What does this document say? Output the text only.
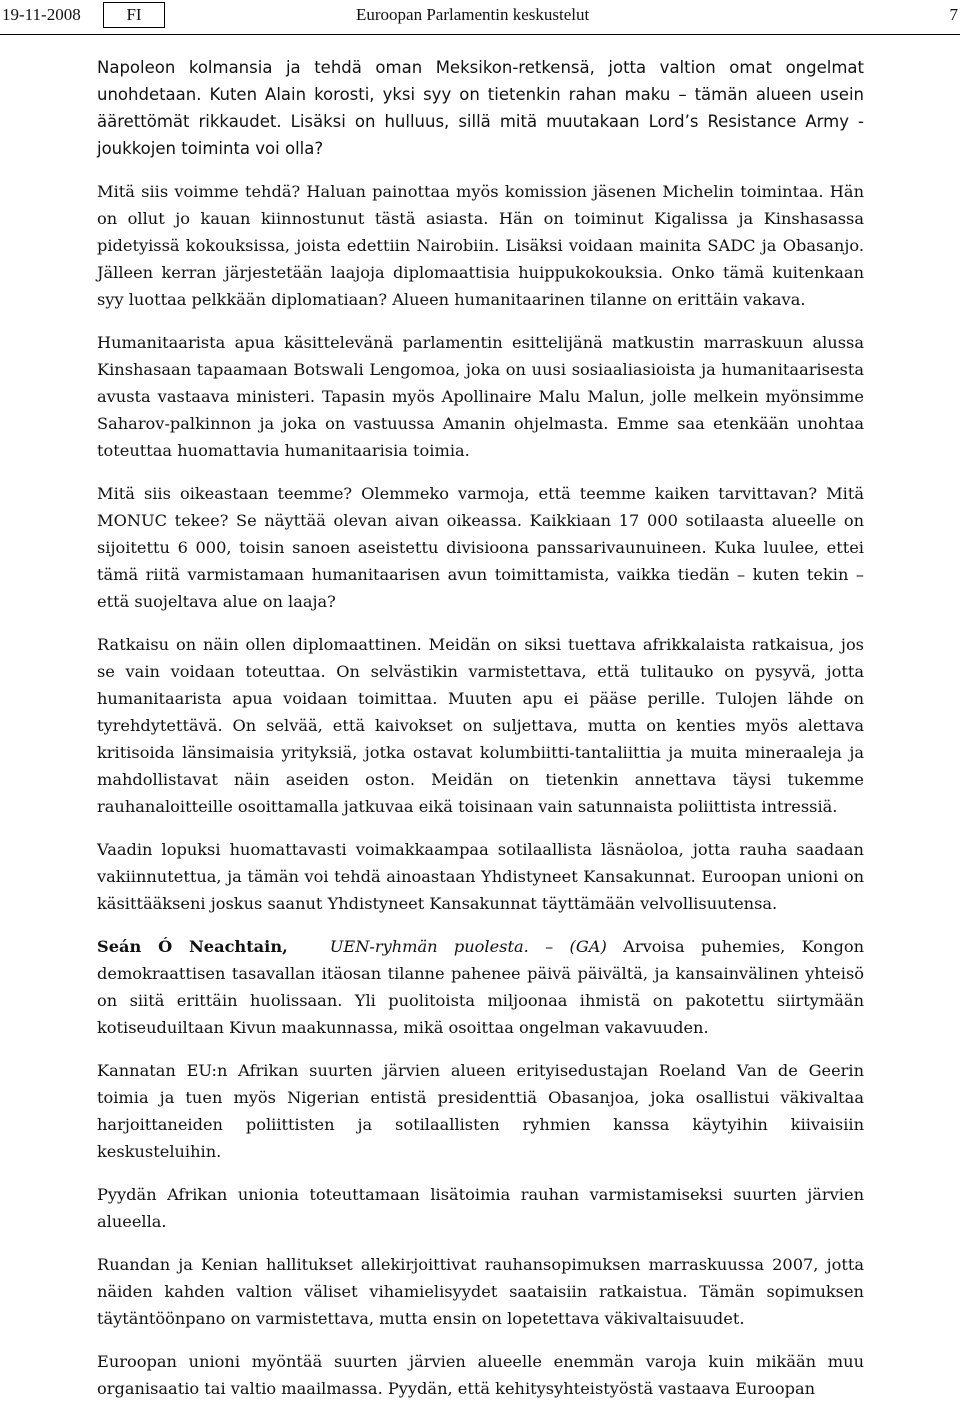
19-11-2008	FI	Euroopan Parlamentin keskustelut	7

Napoleon kolmansia ja tehdä oman Meksikon-retkensä, jotta valtion omat ongelmat unohdetaan. Kuten Alain korosti, yksi syy on tietenkin rahan maku – tämän alueen usein äärettömät rikkaudet. Lisäksi on hulluus, sillä mitä muutakaan Lord’s Resistance Army -joukkojen toiminta voi olla?

Mitä siis voimme tehdä? Haluan painottaa myös komission jäsenen Michelin toimintaa. Hän on ollut jo kauan kiinnostunut tästä asiasta. Hän on toiminut Kigalissa ja Kinshasassa pidetyissä kokouksissa, joista edettiin Nairobiin. Lisäksi voidaan mainita SADC ja Obasanjo. Jälleen kerran järjestetään laajoja diplomaattisia huippukokouksia. Onko tämä kuitenkaan syy luottaa pelkkään diplomatiaan? Alueen humanitaarinen tilanne on erittäin vakava.

Humanitaarista apua käsittelevänä parlamentin esittelijänä matkustin marraskuun alussa Kinshasaan tapaamaan Botswali Lengomoa, joka on uusi sosiaaliasioista ja humanitaarisesta avusta vastaava ministeri. Tapasin myös Apollinaire Malu Malun, jolle melkein myönsimme Saharov-palkinnon ja joka on vastuussa Amanin ohjelmasta. Emme saa etenkään unohtaa toteuttaa huomattavia humanitaarisia toimia.

Mitä siis oikeastaan teemme? Olemmeko varmoja, että teemme kaiken tarvittavan? Mitä MONUC tekee? Se näyttää olevan aivan oikeassa. Kaikkiaan 17 000 sotilaasta alueelle on sijoitettu 6 000, toisin sanoen aseistettu divisioona panssarivaunuineen. Kuka luulee, ettei tämä riitä varmistamaan humanitaarisen avun toimittamista, vaikka tiedän – kuten tekin – että suojeltava alue on laaja?

Ratkaisu on näin ollen diplomaattinen. Meidän on siksi tuettava afrikkalaista ratkaisua, jos se vain voidaan toteuttaa. On selvästikin varmistettava, että tulitauko on pysyvä, jotta humanitaarista apua voidaan toimittaa. Muuten apu ei pääse perille. Tulojen lähde on tyrehdytettävä. On selvää, että kaivokset on suljettava, mutta on kenties myös alettava kritisoida länsimaisia yrityksiä, jotka ostavat kolumbiitti-tantaliittia ja muita mineraaleja ja mahdollistavat näin aseiden oston. Meidän on tietenkin annettava täysi tukemme rauhanaloitteille osoittamalla jatkuvaa eikä toisinaan vain satunnaista poliittista intressiä.

Vaadin lopuksi huomattavasti voimakkaampaa sotilaallista läsnäoloa, jotta rauha saadaan vakiinnutettua, ja tämän voi tehdä ainoastaan Yhdistyneet Kansakunnat. Euroopan unioni on käsittääkseni joskus saanut Yhdistyneet Kansakunnat täyttämään velvollisuutensa.

Seán Ó Neachtain,	UEN-ryhmän puolesta. – (GA) Arvoisa puhemies, Kongon demokraattisen tasavallan itäosan tilanne pahenee päivä päivältä, ja kansainvälinen yhteisö on siitä erittäin huolissaan. Yli puolitoista miljoonaa ihmistä on pakotettu siirtymään kotiseuduiltaan Kivun maakunnassa, mikä osoittaa ongelman vakavuuden.

Kannatan EU:n Afrikan suurten järvien alueen erityisedustajan Roeland Van de Geerin toimia ja tuen myös Nigerian entistä presidenttiä Obasanjoa, joka osallistui väkivaltaa harjoittaneiden poliittisten ja sotilaallisten ryhmien kanssa käytyihin kiivaisiin keskusteluihin.

Pyydän Afrikan unionia toteuttamaan lisätoimia rauhan varmistamiseksi suurten järvien alueella.

Ruandan ja Kenian hallitukset allekirjoittivat rauhansopimuksen marraskuussa 2007, jotta näiden kahden valtion väliset vihamielisyydet saataisiin ratkaistua. Tämän sopimuksen täytäntöönpano on varmistettava, mutta ensin on lopetettava väkivaltaisuudet.

Euroopan unioni myöntää suurten järvien alueelle enemmän varoja kuin mikään muu organisaatio tai valtio maailmassa. Pyydän, että kehitysyhteistyöstä vastaava Euroopan
